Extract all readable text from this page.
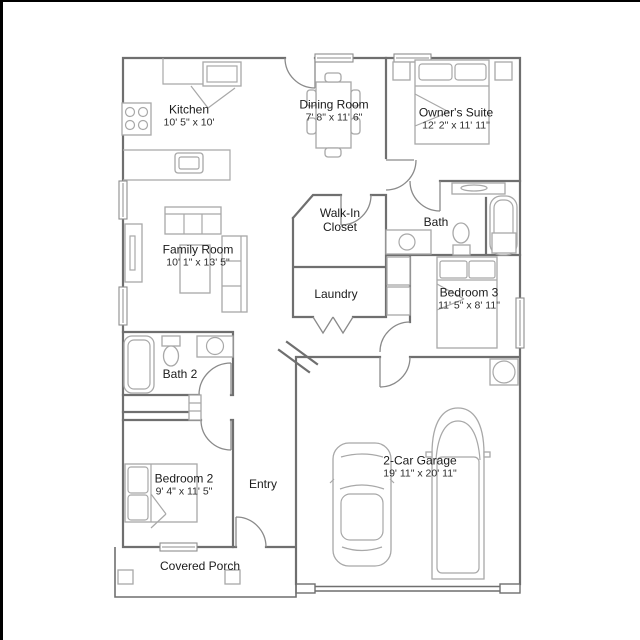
Kitchen
10' 5" x 10'
Dining Room
7' 8" x 11' 6"	Owner's Suite
12' 2" x 11' 11"
Walk-In Closet	Bath
Family Room
10' 1" x 13' 5"
Laundry	Bedroom 3
11' 5" x 8' 11"
Bath 2
Bedroom 2
9' 4" x 11' 5"
Entry
2-Car Garage
19' 11" x 20' 11"
Covered Porch
